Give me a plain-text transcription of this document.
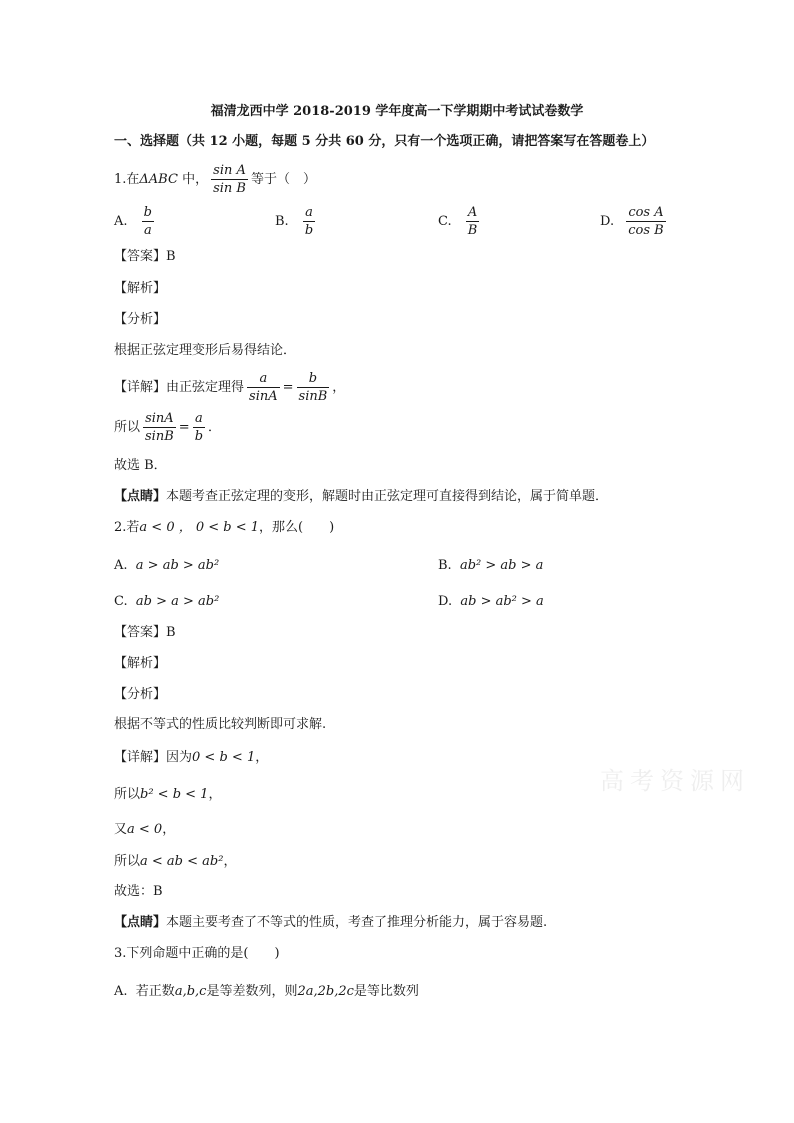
福清龙西中学 2018-2019 学年度高一下学期期中考试试卷数学
一、选择题（共 12 小题，每题 5 分共 60 分，只有一个选项正确，请把答案写在答题卷上）
1.在ΔABC 中， $\frac{\text{sin A}}{\text{sin B}}$ 等于（　）
A. $\frac{b}{a}$	B. $\frac{a}{b}$	C. $\frac{A}{B}$	D. $\frac{\text{cos A}}{\text{cos B}}$
【答案】B
【解析】
【分析】
根据正弦定理变形后易得结论．
【详解】由正弦定理得 $\frac{a}{\sin A} = \frac{b}{\sin B}$ ，
所以 $\frac{\sin A}{\sin B} = \frac{a}{b}$ ．
故选 B．
【点睛】本题考查正弦定理的变形，解题时由正弦定理可直接得到结论，属于简单题．
2.若a < 0 ， 0 < b < 1，那么(　　)
A. a > ab > ab²	B. ab² > ab > a
C. ab > a > ab²	D. ab > ab² > a
【答案】B
【解析】
【分析】
根据不等式的性质比较判断即可求解.
【详解】因为0 < b < 1，
所以b² < b < 1，
又a < 0，
所以a < ab < ab²，
故选：B
【点睛】本题主要考查了不等式的性质，考查了推理分析能力，属于容易题.
3.下列命题中正确的是(　　)
A. 若正数a,b,c是等差数列，则2a,2b,2c是等比数列
高考资源网
